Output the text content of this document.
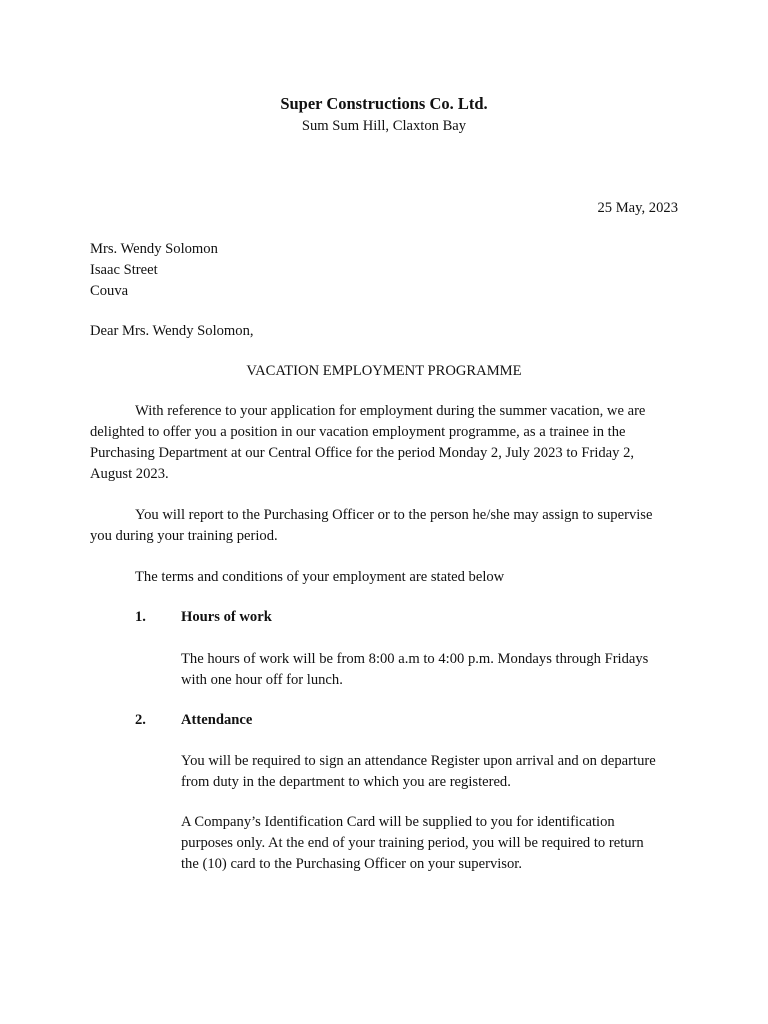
Super Constructions Co. Ltd.
Sum Sum Hill, Claxton Bay
25 May, 2023
Mrs. Wendy Solomon
Isaac Street
Couva
Dear Mrs. Wendy Solomon,
VACATION EMPLOYMENT PROGRAMME
With reference to your application for employment during the summer vacation, we are
delighted to offer you a position in our vacation employment programme, as a trainee in the
Purchasing Department at our Central Office for the period Monday 2, July 2023 to Friday 2,
August 2023.
You will report to the Purchasing Officer or to the person he/she may assign to supervise
you during your training period.
The terms and conditions of your employment are stated below
1. Hours of work
The hours of work will be from 8:00 a.m to 4:00 p.m. Mondays through Fridays
with one hour off for lunch.
2. Attendance
You will be required to sign an attendance Register upon arrival and on departure
from duty in the department to which you are registered.
A Company’s Identification Card will be supplied to you for identification
purposes only. At the end of your training period, you will be required to return
the (10) card to the Purchasing Officer on your supervisor.
